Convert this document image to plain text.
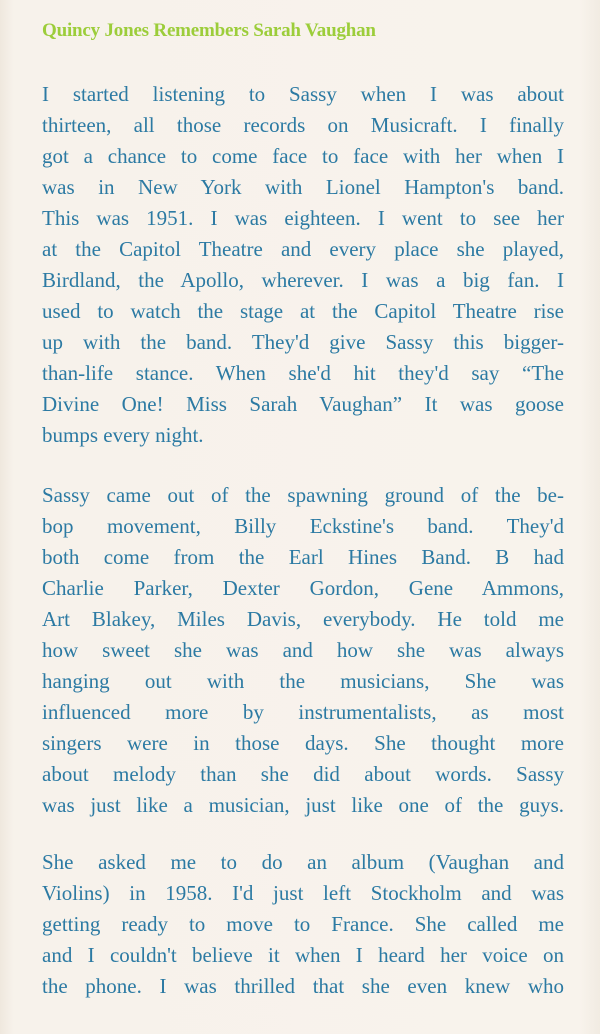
Quincy Jones Remembers Sarah Vaughan
I started listening to Sassy when I was about
thirteen, all those records on Musicraft. I finally
got a chance to come face to face with her when I
was in New York with Lionel Hampton's band.
This was 1951. I was eighteen. I went to see her
at the Capitol Theatre and every place she played,
Birdland, the Apollo, wherever. I was a big fan. I
used to watch the stage at the Capitol Theatre rise
up with the band. They'd give Sassy this bigger-
than-life stance. When she'd hit they'd say “The
Divine One! Miss Sarah Vaughan” It was goose
bumps every night.
Sassy came out of the spawning ground of the be-
bop movement, Billy Eckstine's band. They'd
both come from the Earl Hines Band. B had
Charlie Parker, Dexter Gordon, Gene Ammons,
Art Blakey, Miles Davis, everybody. He told me
how sweet she was and how she was always
hanging out with the musicians, She was
influenced more by instrumentalists, as most
singers were in those days. She thought more
about melody than she did about words. Sassy
was just like a musician, just like one of the guys.
She asked me to do an album (Vaughan and
Violins) in 1958. I'd just left Stockholm and was
getting ready to move to France. She called me
and I couldn't believe it when I heard her voice on
the phone. I was thrilled that she even knew who
